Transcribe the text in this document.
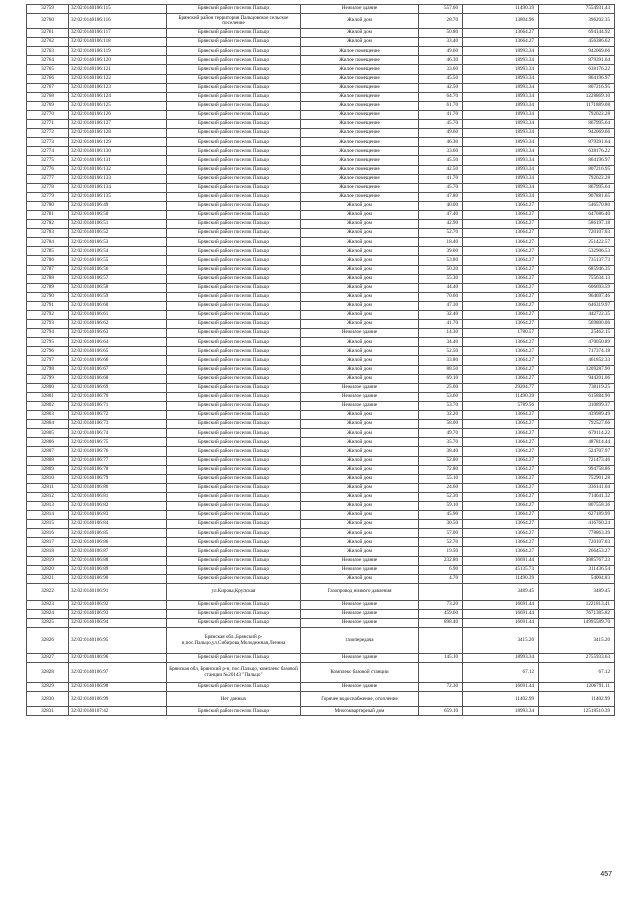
32759	32:02:0140106:115	Брянский район поселок Пальцо	Нежилое здание	557.60	11490.39	7554931.43
32760	32:02:0140106:116	Брянский район территория Пальцовское сельское поселение	Жилой дом	28.70	13804.96	396202.35
32761	32:02:0140106:117	Брянский район поселок Пальцо	Жилой дом	50.80	13664.27	694144.92
32762	32:02:0140106:118	Брянский район поселок Пальцо	Жилой дом	33.40	13664.27	456386.62
32763	32:02:0140106:119	Брянский район поселок Пальцо	Жилое помещение	49.60	18993.34	942069.66
32764	32:02:0140106:120	Брянский район поселок Пальцо	Жилое помещение	46.30	18993.34	879391.64
32765	32:02:0140106:121	Брянский район поселок Пальцо	Жилое помещение	33.60	18993.34	638176.22
32766	32:02:0140106:122	Брянский район поселок Пальцо	Жилое помещение	45.50	18993.34	864196.97
32767	32:02:0140106:123	Брянский район поселок Пальцо	Жилое помещение	42.50	18993.34	807216.95
32768	32:02:0140106:124	Брянский район поселок Пальцо	Жилое помещение	64.70	18993.34	1228869.10
32769	32:02:0140106:125	Брянский район поселок Пальцо	Жилое помещение	61.70	18993.34	1171889.08
32770	32:02:0140106:126	Брянский район поселок Пальцо	Жилое помещение	41.70	18993.34	792022.28
32771	32:02:0140106:127	Брянский район поселок Пальцо	Жилое помещение	45.70	18993.34	867995.64
32772	32:02:0140106:128	Брянский район поселок Пальцо	Жилое помещение	49.60	18993.34	942069.66
32773	32:02:0140106:129	Брянский район поселок Пальцо	Жилое помещение	46.30	18993.34	879391.64
32774	32:02:0140106:130	Брянский район поселок Пальцо	Жилое помещение	33.60	18993.34	638176.22
32775	32:02:0140106:131	Брянский район поселок Пальцо	Жилое помещение	45.50	18993.34	864196.97
32776	32:02:0140106:132	Брянский район поселок Пальцо	Жилое помещение	42.50	18993.34	807216.95
32777	32:02:0140106:133	Брянский район поселок Пальцо	Жилое помещение	41.70	18993.34	792022.28
32778	32:02:0140106:134	Брянский район поселок Пальцо	Жилое помещение	45.70	18993.34	867995.64
32779	32:02:0140106:135	Брянский район поселок Пальцо	Жилое помещение	47.80	18993.34	907881.65
32780	32:02:0140106:49	Брянский район поселок Пальцо	Жилой дом	40.00	13664.27	546570.80
32781	32:02:0140106:50	Брянский район поселок Пальцо	Жилой дом	47.40	13664.27	647686.40
32782	32:02:0140106:51	Брянский район поселок Пальцо	Жилой дом	42.90	13664.27	586197.18
32783	32:02:0140106:52	Брянский район поселок Пальцо	Жилой дом	52.70	13664.27	720107.03
32784	32:02:0140106:53	Брянский район поселок Пальцо	Жилой дом	18.40	13664.27	251422.57
32785	32:02:0140106:54	Брянский район поселок Пальцо	Жилой дом	39.00	13664.27	532906.53
32786	32:02:0140106:55	Брянский район поселок Пальцо	Жилой дом	53.80	13664.27	735137.73
32787	32:02:0140106:56	Брянский район поселок Пальцо	Жилой дом	50.20	13664.27	685946.35
32788	32:02:0140106:57	Брянский район поселок Пальцо	Жилой дом	55.30	13664.27	755634.13
32789	32:02:0140106:58	Брянский район поселок Пальцо	Жилой дом	44.40	13664.27	606693.59
32790	32:02:0140106:59	Брянский район поселок Пальцо	Жилой дом	70.60	13664.27	964697.46
32791	32:02:0140106:60	Брянский район поселок Пальцо	Жилой дом	47.30	13664.27	646319.97
32792	32:02:0140106:61	Брянский район поселок Пальцо	Жилой дом	32.40	13664.27	442722.35
32793	32:02:0140106:62	Брянский район поселок Пальцо	Жилой дом	41.70	13664.27	569800.06
32794	32:02:0140106:63	Брянский район поселок Пальцо	Нежилое здание	14.30	1780.57	25462.15
32795	32:02:0140106:64	Брянский район поселок Пальцо	Жилой дом	34.40	13664.27	470050.89
32796	32:02:0140106:65	Брянский район поселок Пальцо	Жилой дом	52.50	13664.27	717374.18
32797	32:02:0140106:66	Брянский район поселок Пальцо	Жилой дом	33.80	13664.27	461852.33
32798	32:02:0140106:67	Брянский район поселок Пальцо	Жилой дом	88.50	13664.27	1209287.90
32799	32:02:0140106:68	Брянский район поселок Пальцо	Жилой дом	69.10	13664.27	944201.06
32800	32:02:0140106:69	Брянский район поселок Пальцо	Нежилое здание	25.00	29204.77	730119.25
32801	32:02:0140106:70	Брянский район поселок Пальцо	Нежилое здание	53.60	11490.39	615884.90
32802	32:02:0140106:71	Брянский район поселок Пальцо	Нежилое здание	53.70	5789.56	310899.37
32803	32:02:0140106:72	Брянский район поселок Пальцо	Жилой дом	32.20	13664.27	439989.49
32804	32:02:0140106:73	Брянский район поселок Пальцо	Жилой дом	58.00	13664.27	792527.66
32805	32:02:0140106:74	Брянский район поселок Пальцо	Жилой дом	49.70	13664.27	679114.22
32806	32:02:0140106:75	Брянский район поселок Пальцо	Жилой дом	35.70	13664.27	487814.44
32807	32:02:0140106:76	Брянский район поселок Пальцо	Жилой дом	38.40	13664.27	524707.97
32808	32:02:0140106:77	Брянский район поселок Пальцо	Жилой дом	52.80	13664.27	721473.46
32809	32:02:0140106:78	Брянский район поселок Пальцо	Жилой дом	72.80	13664.27	994758.86
32810	32:02:0140106:79	Брянский район поселок Пальцо	Жилой дом	55.10	13664.27	752901.28
32811	32:02:0140106:80	Брянский район поселок Пальцо	Жилой дом	24.60	13664.27	336141.04
32812	32:02:0140106:81	Брянский район поселок Пальцо	Жилой дом	52.30	13664.27	714641.32
32813	32:02:0140106:82	Брянский район поселок Пальцо	Жилой дом	59.10	13664.27	807558.36
32814	32:02:0140106:83	Брянский район поселок Пальцо	Жилой дом	45.90	13664.27	627189.99
32815	32:02:0140106:84	Брянский район поселок Пальцо	Жилой дом	30.50	13664.27	416760.24
32816	32:02:0140106:85	Брянский район поселок Пальцо	Жилой дом	57.00	13664.27	778863.39
32817	32:02:0140106:86	Брянский район поселок Пальцо	Жилой дом	52.70	13664.27	720107.03
32818	32:02:0140106:87	Брянский район поселок Пальцо	Жилой дом	19.50	13664.27	266453.27
32819	32:02:0140106:88	Брянский район поселок Пальцо	Нежилое здание	232.80	16691.44	3885767.23
32820	32:02:0140106:89	Брянский район поселок Пальцо	Нежилое здание	6.90	45135.73	311436.54
32821	32:02:0140106:90	Брянский район поселок Пальцо	Жилой дом	4.70	11490.39	54004.83
32822	32:02:0140106:91	ул.Кирова,Крупская	Газопровод низкого давления		3489.45	3489.45
32823	32:02:0140106:92	Брянский район поселок Пальцо	Нежилое здание	73.20	16691.44	1221813.41
32824	32:02:0140106:93	Брянский район поселок Пальцо	Нежилое здание	459.60	16691.44	7671385.82
32825	32:02:0140106:94	Брянский район поселок Пальцо	Нежилое здание	898.40	16691.44	14995589.70
32826	32:02:0140106:95	Брянская обл.,Брянский р-н,пос.Пальцо,ул.Сибирова,Молодежная,Ленина	газопередача		3415.20	3415.20
32827	32:02:0140106:96	Брянский район поселок Пальцо	Нежилое здание	145.10	18993.34	2755933.63
32828	32:02:0140106:97	Брянская обл, Брянский р-н, пос.Пальцо, комплекс базовой станции №20143 "Пальцо"	Комплекс базовой станции		67.12	67.12
32829	32:02:0140106:98	Брянский район поселок Пальцо	Нежилое здание	72.30	16691.44	1206791.11
32830	32:02:0140106:99	Нет данных	Горячее водоснабжение, отопление		11402.99	11402.99
32831	32:02:0140107:42	Брянский район поселок Пальцо	Многоквартирный дом	659.10	18993.34	12518510.39
457
